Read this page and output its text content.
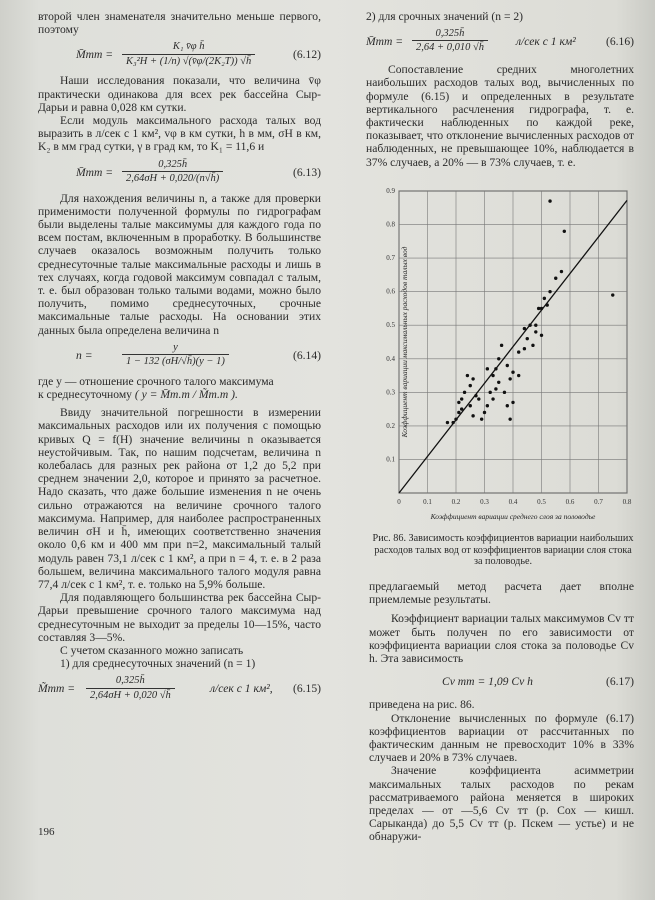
второй член знаменателя значительно меньше первого, поэтому

M̄тт = $\frac{\text{K₁ v̄φ h̄}}{\text{K₃²H + (1/n) √(v̄φ/(2K₂T)) √h̄}}$	(6.12)

Наши исследования показали, что величина v̄φ практически одинакова для всех рек бассейна Сыр-Дарьи и равна 0,028 км сутки.

Если модуль максимального расхода талых вод выразить в л/сек с 1 км², vφ в км сутки, h в мм, σH в км, K₂ в мм град сутки, γ в град км, то K₁ = 11,6 и

M̄тт = $\frac{0,325h̄}{2,64\sigma H + 0,020/(n√h̄)}$	(6.13)

Для нахождения величины n, а также для проверки применимости полученной формулы по гидрографам были выделены талые максимумы для каждого года по всем постам, включенным в проработку. В большинстве случаев оказалось возможным получить только среднесуточные талые максимальные расходы и лишь в тех случаях, когда годовой максимум совпадал с талым, т. е. был образован только талыми водами, можно было получить, помимо среднесуточных, срочные максимальные талые расходы. На основании этих данных была определена величина n

n =	$\frac{y}{1 - 132 (\sigma H/√h̄)(y - 1)}$	(6.14)

где y — отношение срочного талого максимума

к среднесуточному ( y = M̄т.т / M̃т.т ).

Ввиду значительной погрешности в измерении максимальных расходов или их получения с помощью кривых Q = f(H) значение величины n оказывается неустойчивым. Так, по нашим подсчетам, величина n колебалась для разных рек района от 1,2 до 5,2 при среднем значении 2,0, которое и принято за расчетное. Надо сказать, что даже большие изменения n не очень сильно отражаются на величине срочного талого максимума. Например, для наиболее распространенных величин σH и h̄, имеющих соответственно значения около 0,6 км и 400 мм при n=2, максимальный талый модуль равен 73,1 л/сек с 1 км², а при n = 4, т. е. в 2 раза большем, величина максимального талого модуля равна 77,4 л/сек с 1 км², т. е. только на 5,9% больше.

Для подавляющего большинства рек бассейна Сыр-Дарьи превышение срочного талого максимума над среднесуточным не выходит за пределы 10—15%, часто составляя 3—5%.

С учетом сказанного можно записать

1) для среднесуточных значений (n = 1)

M̃тт = $\frac{0,325h̄}{2,64\sigma H + 0,020 √h̄}$	л/сек с 1 км², (6.15)
196

2) для срочных значений (n = 2)

M̄тт = $\frac{0,325h̄}{2,64 + 0,010 √h̄} л/сек$ с 1 км²	(6.16)

Сопоставление средних многолетних наибольших расходов талых вод, вычисленных по формуле (6.15) и определенных в результате вертикального расчленения гидрографа, т. е. фактически наблюденных по каждой реке, показывает, что отклонение вычисленных расходов от наблюденных, не превышающее 10%, наблюдается в 37% случаев, а 20% — в 73% случаев, т. е.

0	0.1	0.2	0.3	0.4	0.5	0.6	0.7	0.8
0.1
0.2
0.3
0.4
0.5
0.6
0.7
0.8
0.9
Коэффициент вариации среднего слоя за половодье
Коэффициент вариации максимальных расходов талых вод
Рис. 86. Зависимость коэффициентов вариации наибольших расходов талых вод от коэффициентов вариации слоя стока за половодье.

предлагаемый метод расчета дает вполне приемлемые результаты.

Коэффициент вариации талых максимумов Cv тт может быть получен по его зависимости от коэффициента вариации слоя стока за половодье Cv h. Эта зависимость

Cv тт = 1,09 Cv h	(6.17)

приведена на рис. 86.

Отклонение вычисленных по формуле (6.17) коэффициентов вариации от рассчитанных по фактическим данным не превосходит 10% в 33% случаев и 20% в 73% случаев.

Значение коэффициента асимметрии максимальных талых расходов по рекам рассматриваемого района меняется в широких пределах — от —5,6 Cv тт (р. Сох — кишл. Сарыканда) до 5,5 Cv тт (р. Пскем — устье) и не обнаружи-
